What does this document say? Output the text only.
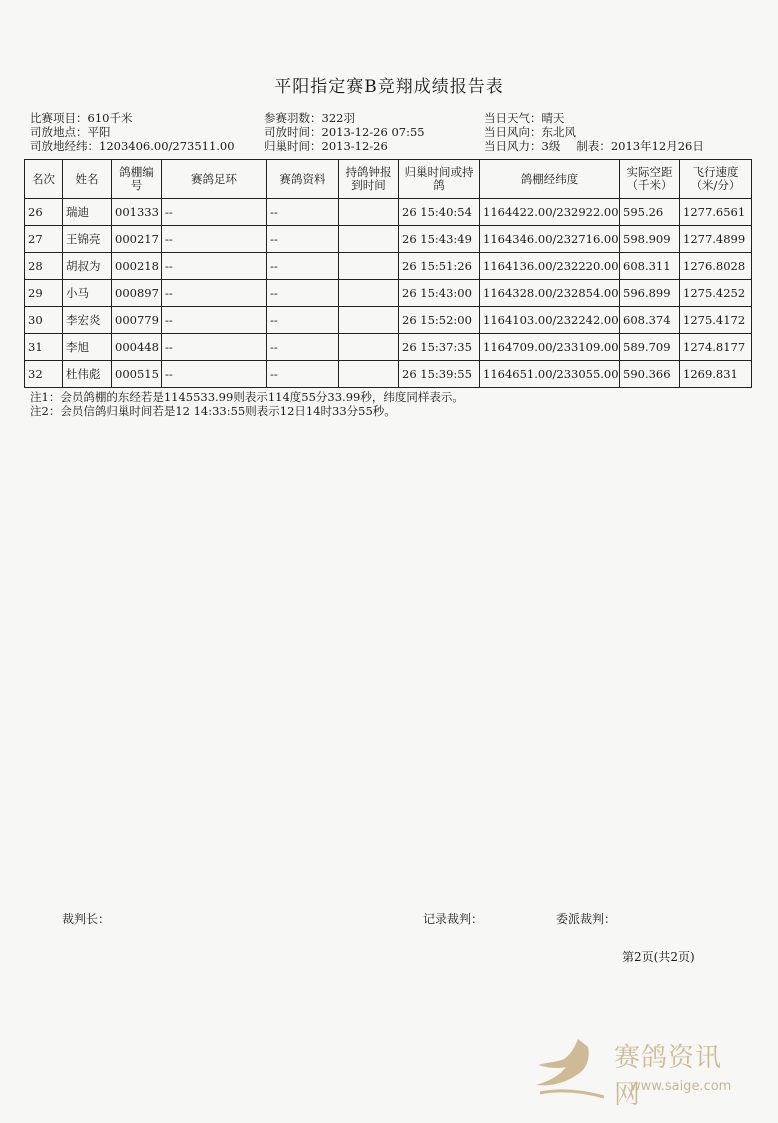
平阳指定赛B竞翔成绩报告表
比赛项目：610千米
司放地点：平阳
司放地经纬：1203406.00/273511.00
参赛羽数：322羽
司放时间：2013-12-26 07:55
归巢时间：2013-12-26
当日天气：晴天
当日风向：东北风
当日风力：3级 制表：2013年12月26日
名次	姓名	鸽棚编号	赛鸽足环	赛鸽资料	持鸽钟报到时间	归巢时间或持鸽	鸽棚经纬度	实际空距（千米）	飞行速度（米/分）
26	瑞迪	001333	--	--		26 15:40:54	1164422.00/232922.00	595.26	1277.6561
27	王锦亮	000217	--	--		26 15:43:49	1164346.00/232716.00	598.909	1277.4899
28	胡叔为	000218	--	--		26 15:51:26	1164136.00/232220.00	608.311	1276.8028
29	小马	000897	--	--		26 15:43:00	1164328.00/232854.00	596.899	1275.4252
30	李宏炎	000779	--	--		26 15:52:00	1164103.00/232242.00	608.374	1275.4172
31	李旭	000448	--	--		26 15:37:35	1164709.00/233109.00	589.709	1274.8177
32	杜伟彪	000515	--	--		26 15:39:55	1164651.00/233055.00	590.366	1269.831
注1：会员鸽棚的东经若是1145533.99则表示114度55分33.99秒，纬度同样表示。
注2：会员信鸽归巢时间若是12 14:33:55则表示12日14时33分55秒。
裁判长：	记录裁判：	委派裁判：
第2页(共2页)
赛鸽资讯网
www.saige.com
